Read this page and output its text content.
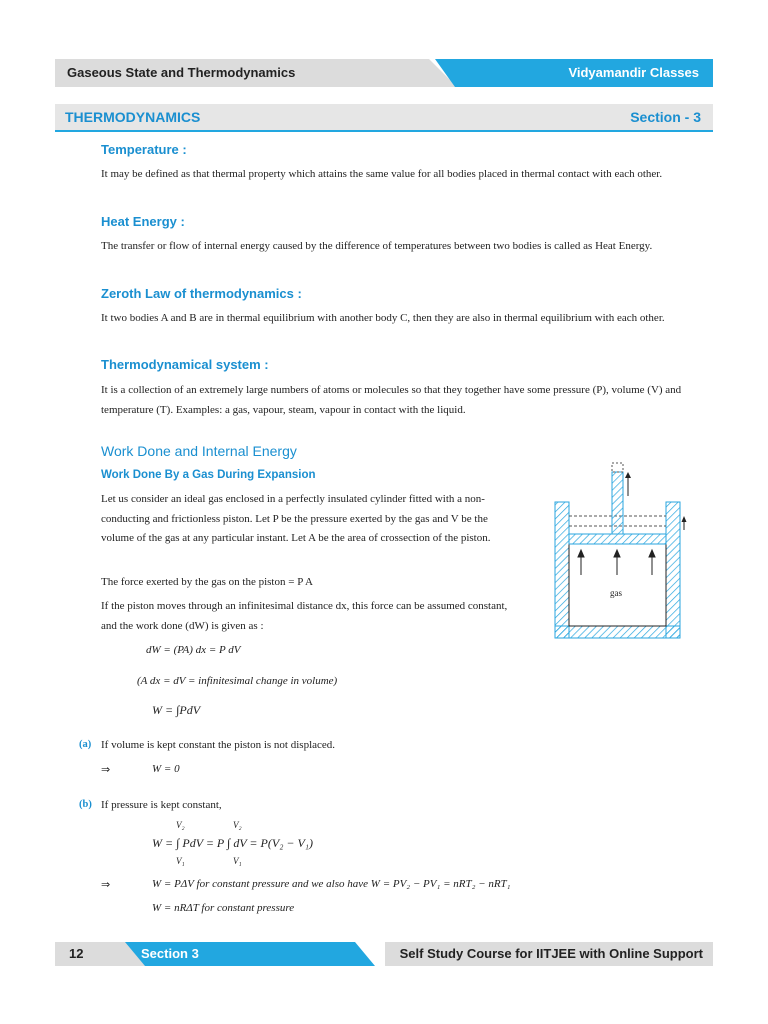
Gaseous State and Thermodynamics	Vidyamandir Classes
THERMODYNAMICS	Section - 3
Temperature :
It may be defined as that thermal property which attains the same value for all bodies placed in thermal contact with each other.
Heat Energy :
The transfer or flow of internal energy caused by the difference of temperatures between two bodies is called as Heat Energy.
Zeroth Law of thermodynamics :
It two bodies A and B are in thermal equilibrium with another body C, then they are also in thermal equilibrium with each other.
Thermodynamical system :
It is a collection of an extremely large numbers of atoms or molecules so that they together have some pressure (P), volume (V) and temperature (T). Examples: a gas, vapour, steam, vapour in contact with the liquid.
Work Done and Internal Energy
Work Done By a Gas During Expansion
Let us consider an ideal gas enclosed in a perfectly insulated cylinder fitted with a non-conducting and frictionless piston. Let P be the pressure exerted by the gas and V be the volume of the gas at any particular instant. Let A be the area of crossection of the piston.
The force exerted by the gas on the piston = P A
If the piston moves through an infinitesimal distance dx, this force can be assumed constant, and the work done (dW) is given as :
dW = (PA) dx = P dV
(A dx = dV = infinitesimal change in volume)
W = ∫PdV
gas
(a) If volume is kept constant the piston is not displaced.
⇒	W = 0
(b) If pressure is kept constant,
V₂	V₂
W = ∫ PdV = P ∫ dV = P(V₂ − V₁)
V₁	V₁
⇒	W = PΔV for constant pressure and we also have W = PV₂ − PV₁ = nRT₂ − nRT₁
W = nRΔT for constant pressure
12	Section 3	Self Study Course for IITJEE with Online Support
